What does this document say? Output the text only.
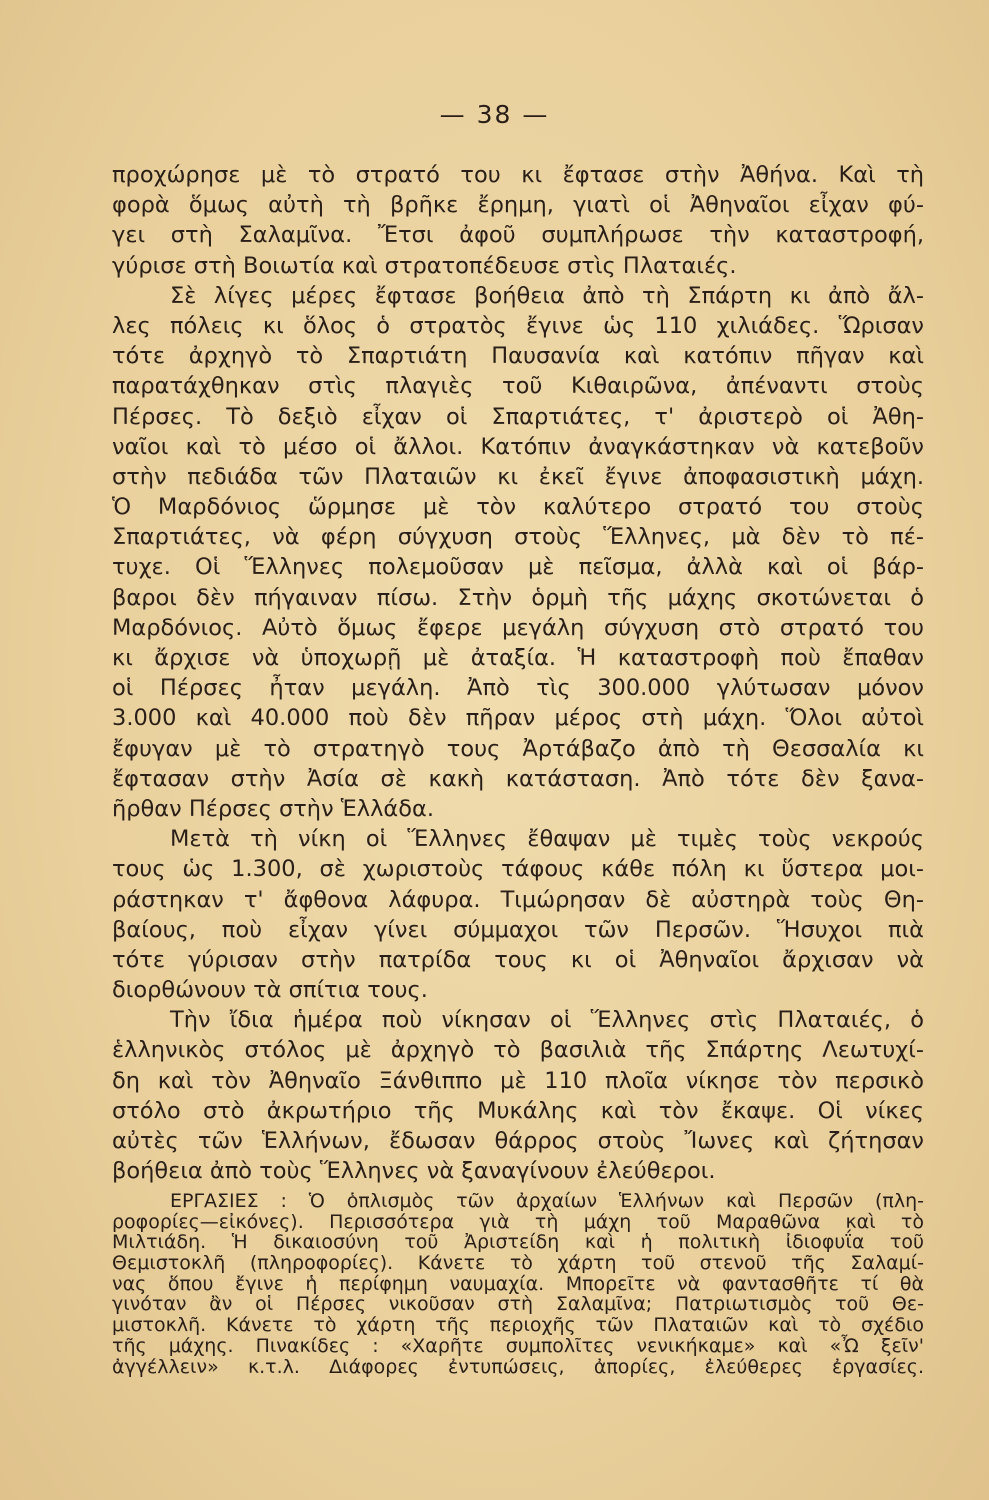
— 38 —
προχώρησε μὲ τὸ στρατό του κι ἔφτασε στὴν Ἀθήνα. Καὶ τὴ
φορὰ ὅμως αὐτὴ τὴ βρῆκε ἔρημη, γιατὶ οἱ Ἀθηναῖοι εἶχαν φύ-
γει στὴ Σαλαμῖνα. Ἔτσι ἀφοῦ συμπλήρωσε τὴν καταστροφή,
γύρισε στὴ Βοιωτία καὶ στρατοπέδευσε στὶς Πλαταιές.
Σὲ λίγες μέρες ἔφτασε βοήθεια ἀπὸ τὴ Σπάρτη κι ἀπὸ ἄλ-
λες πόλεις κι ὅλος ὁ στρατὸς ἔγινε ὡς 110 χιλιάδες. Ὥρισαν
τότε ἀρχηγὸ τὸ Σπαρτιάτη Παυσανία καὶ κατόπιν πῆγαν καὶ
παρατάχθηκαν στὶς πλαγιὲς τοῦ Κιθαιρῶνα, ἀπέναντι στοὺς
Πέρσες. Τὸ δεξιὸ εἶχαν οἱ Σπαρτιάτες, τ' ἀριστερὸ οἱ Ἀθη-
ναῖοι καὶ τὸ μέσο οἱ ἄλλοι. Κατόπιν ἀναγκάστηκαν νὰ κατεβοῦν
στὴν πεδιάδα τῶν Πλαταιῶν κι ἐκεῖ ἔγινε ἀποφασιστικὴ μάχη.
Ὁ Μαρδόνιος ὥρμησε μὲ τὸν καλύτερο στρατό του στοὺς
Σπαρτιάτες, νὰ φέρη σύγχυση στοὺς Ἕλληνες, μὰ δὲν τὸ πέ-
τυχε. Οἱ Ἕλληνες πολεμοῦσαν μὲ πεῖσμα, ἀλλὰ καὶ οἱ βάρ-
βαροι δὲν πήγαιναν πίσω. Στὴν ὁρμὴ τῆς μάχης σκοτώνεται ὁ
Μαρδόνιος. Αὐτὸ ὅμως ἔφερε μεγάλη σύγχυση στὸ στρατό του
κι ἄρχισε νὰ ὑποχωρῇ μὲ ἀταξία. Ἡ καταστροφὴ ποὺ ἔπαθαν
οἱ Πέρσες ἦταν μεγάλη. Ἀπὸ τὶς 300.000 γλύτωσαν μόνον
3.000 καὶ 40.000 ποὺ δὲν πῆραν μέρος στὴ μάχη. Ὅλοι αὐτοὶ
ἔφυγαν μὲ τὸ στρατηγὸ τους Ἀρτάβαζο ἀπὸ τὴ Θεσσαλία κι
ἔφτασαν στὴν Ἀσία σὲ κακὴ κατάσταση. Ἀπὸ τότε δὲν ξανα-
ῆρθαν Πέρσες στὴν Ἑλλάδα.
Μετὰ τὴ νίκη οἱ Ἕλληνες ἔθαψαν μὲ τιμὲς τοὺς νεκρούς
τους ὡς 1.300, σὲ χωριστοὺς τάφους κάθε πόλη κι ὕστερα μοι-
ράστηκαν τ' ἄφθονα λάφυρα. Τιμώρησαν δὲ αὐστηρὰ τοὺς Θη-
βαίους, ποὺ εἶχαν γίνει σύμμαχοι τῶν Περσῶν. Ἥσυχοι πιὰ
τότε γύρισαν στὴν πατρίδα τους κι οἱ Ἀθηναῖοι ἄρχισαν νὰ
διορθώνουν τὰ σπίτια τους.
Τὴν ἴδια ἡμέρα ποὺ νίκησαν οἱ Ἕλληνες στὶς Πλαταιές, ὁ
ἑλληνικὸς στόλος μὲ ἀρχηγὸ τὸ βασιλιὰ τῆς Σπάρτης Λεωτυχί-
δη καὶ τὸν Ἀθηναῖο Ξάνθιππο μὲ 110 πλοῖα νίκησε τὸν περσικὸ
στόλο στὸ ἀκρωτήριο τῆς Μυκάλης καὶ τὸν ἔκαψε. Οἱ νίκες
αὐτὲς τῶν Ἑλλήνων, ἔδωσαν θάρρος στοὺς Ἴωνες καὶ ζήτησαν
βοήθεια ἀπὸ τοὺς Ἕλληνες νὰ ξαναγίνουν ἐλεύθεροι.
ΕΡΓΑΣΙΕΣ : Ὁ ὁπλισμὸς τῶν ἀρχαίων Ἑλλήνων καὶ Περσῶν (πλη-
ροφορίες—εἰκόνες). Περισσότερα γιὰ τὴ μάχη τοῦ Μαραθῶνα καὶ τὸ
Μιλτιάδη. Ἡ δικαιοσύνη τοῦ Ἀριστείδη καὶ ἡ πολιτικὴ ἰδιοφυΐα τοῦ
Θεμιστοκλῆ (πληροφορίες). Κάνετε τὸ χάρτη τοῦ στενοῦ τῆς Σαλαμί-
νας ὅπου ἔγινε ἡ περίφημη ναυμαχία. Μπορεῖτε νὰ φαντασθῆτε τί θὰ
γινόταν ἂν οἱ Πέρσες νικοῦσαν στὴ Σαλαμῖνα; Πατριωτισμὸς τοῦ Θε-
μιστοκλῆ. Κάνετε τὸ χάρτη τῆς περιοχῆς τῶν Πλαταιῶν καὶ τὸ σχέδιο
τῆς μάχης. Πινακίδες : «Χαρῆτε συμπολῖτες νενικήκαμε» καὶ «Ὦ ξεῖν'
ἀγγέλλειν» κ.τ.λ. Διάφορες ἐντυπώσεις, ἀπορίες, ἐλεύθερες ἐργασίες.
